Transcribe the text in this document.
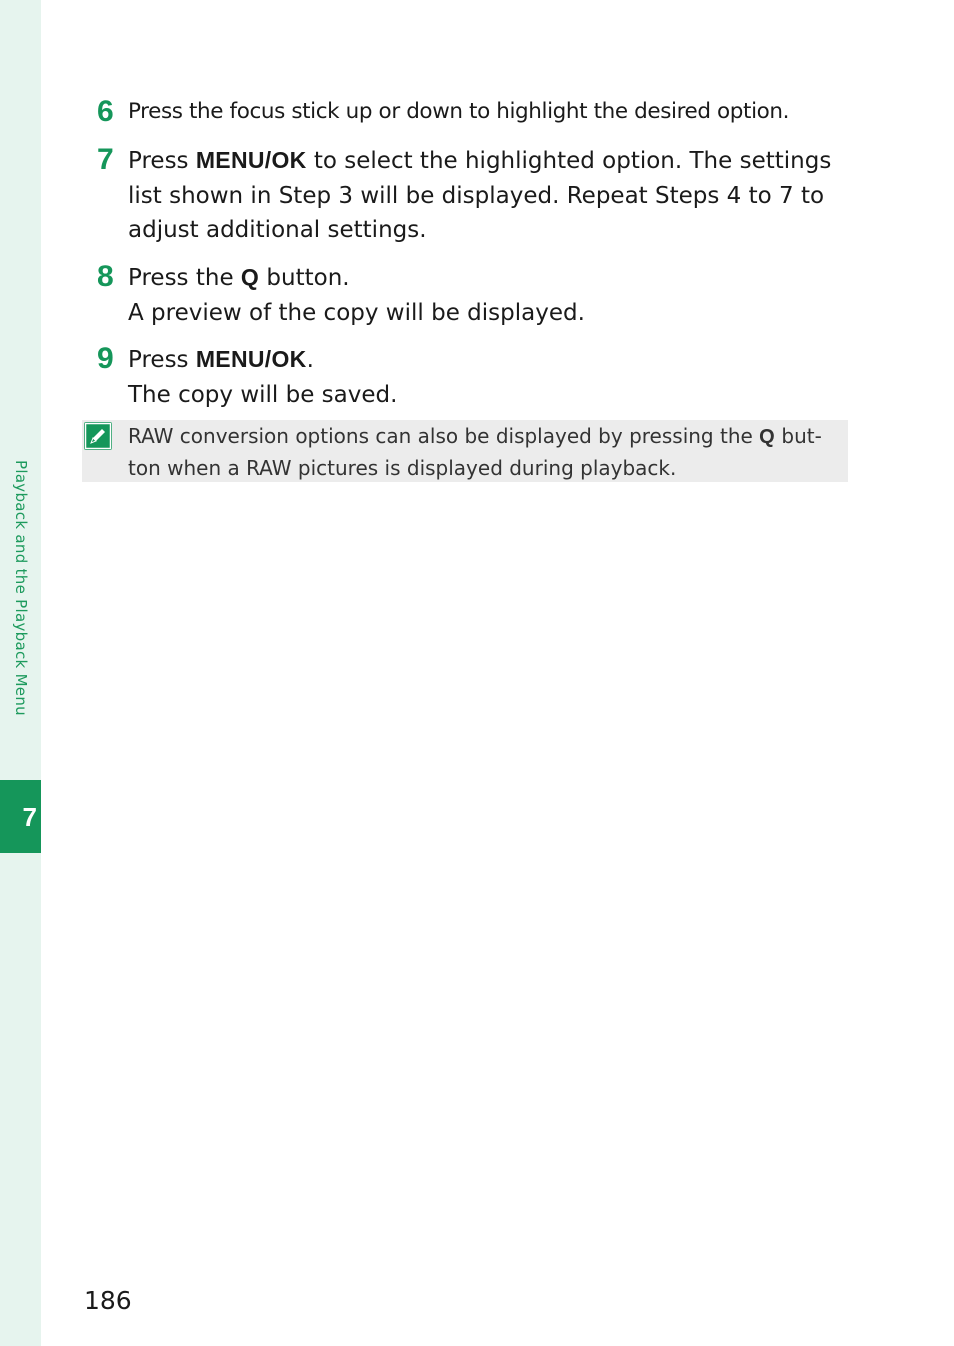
Playback and the Playback Menu
7
6 Press the focus stick up or down to highlight the desired option.
7 Press MENU/OK to select the highlighted option. The settings
list shown in Step 3 will be displayed. Repeat Steps 4 to 7 to
adjust additional settings.
8 Press the Q button.
A preview of the copy will be displayed.
9 Press MENU/OK.
The copy will be saved.
RAW conversion options can also be displayed by pressing the Q but-
ton when a RAW pictures is displayed during playback.
186
